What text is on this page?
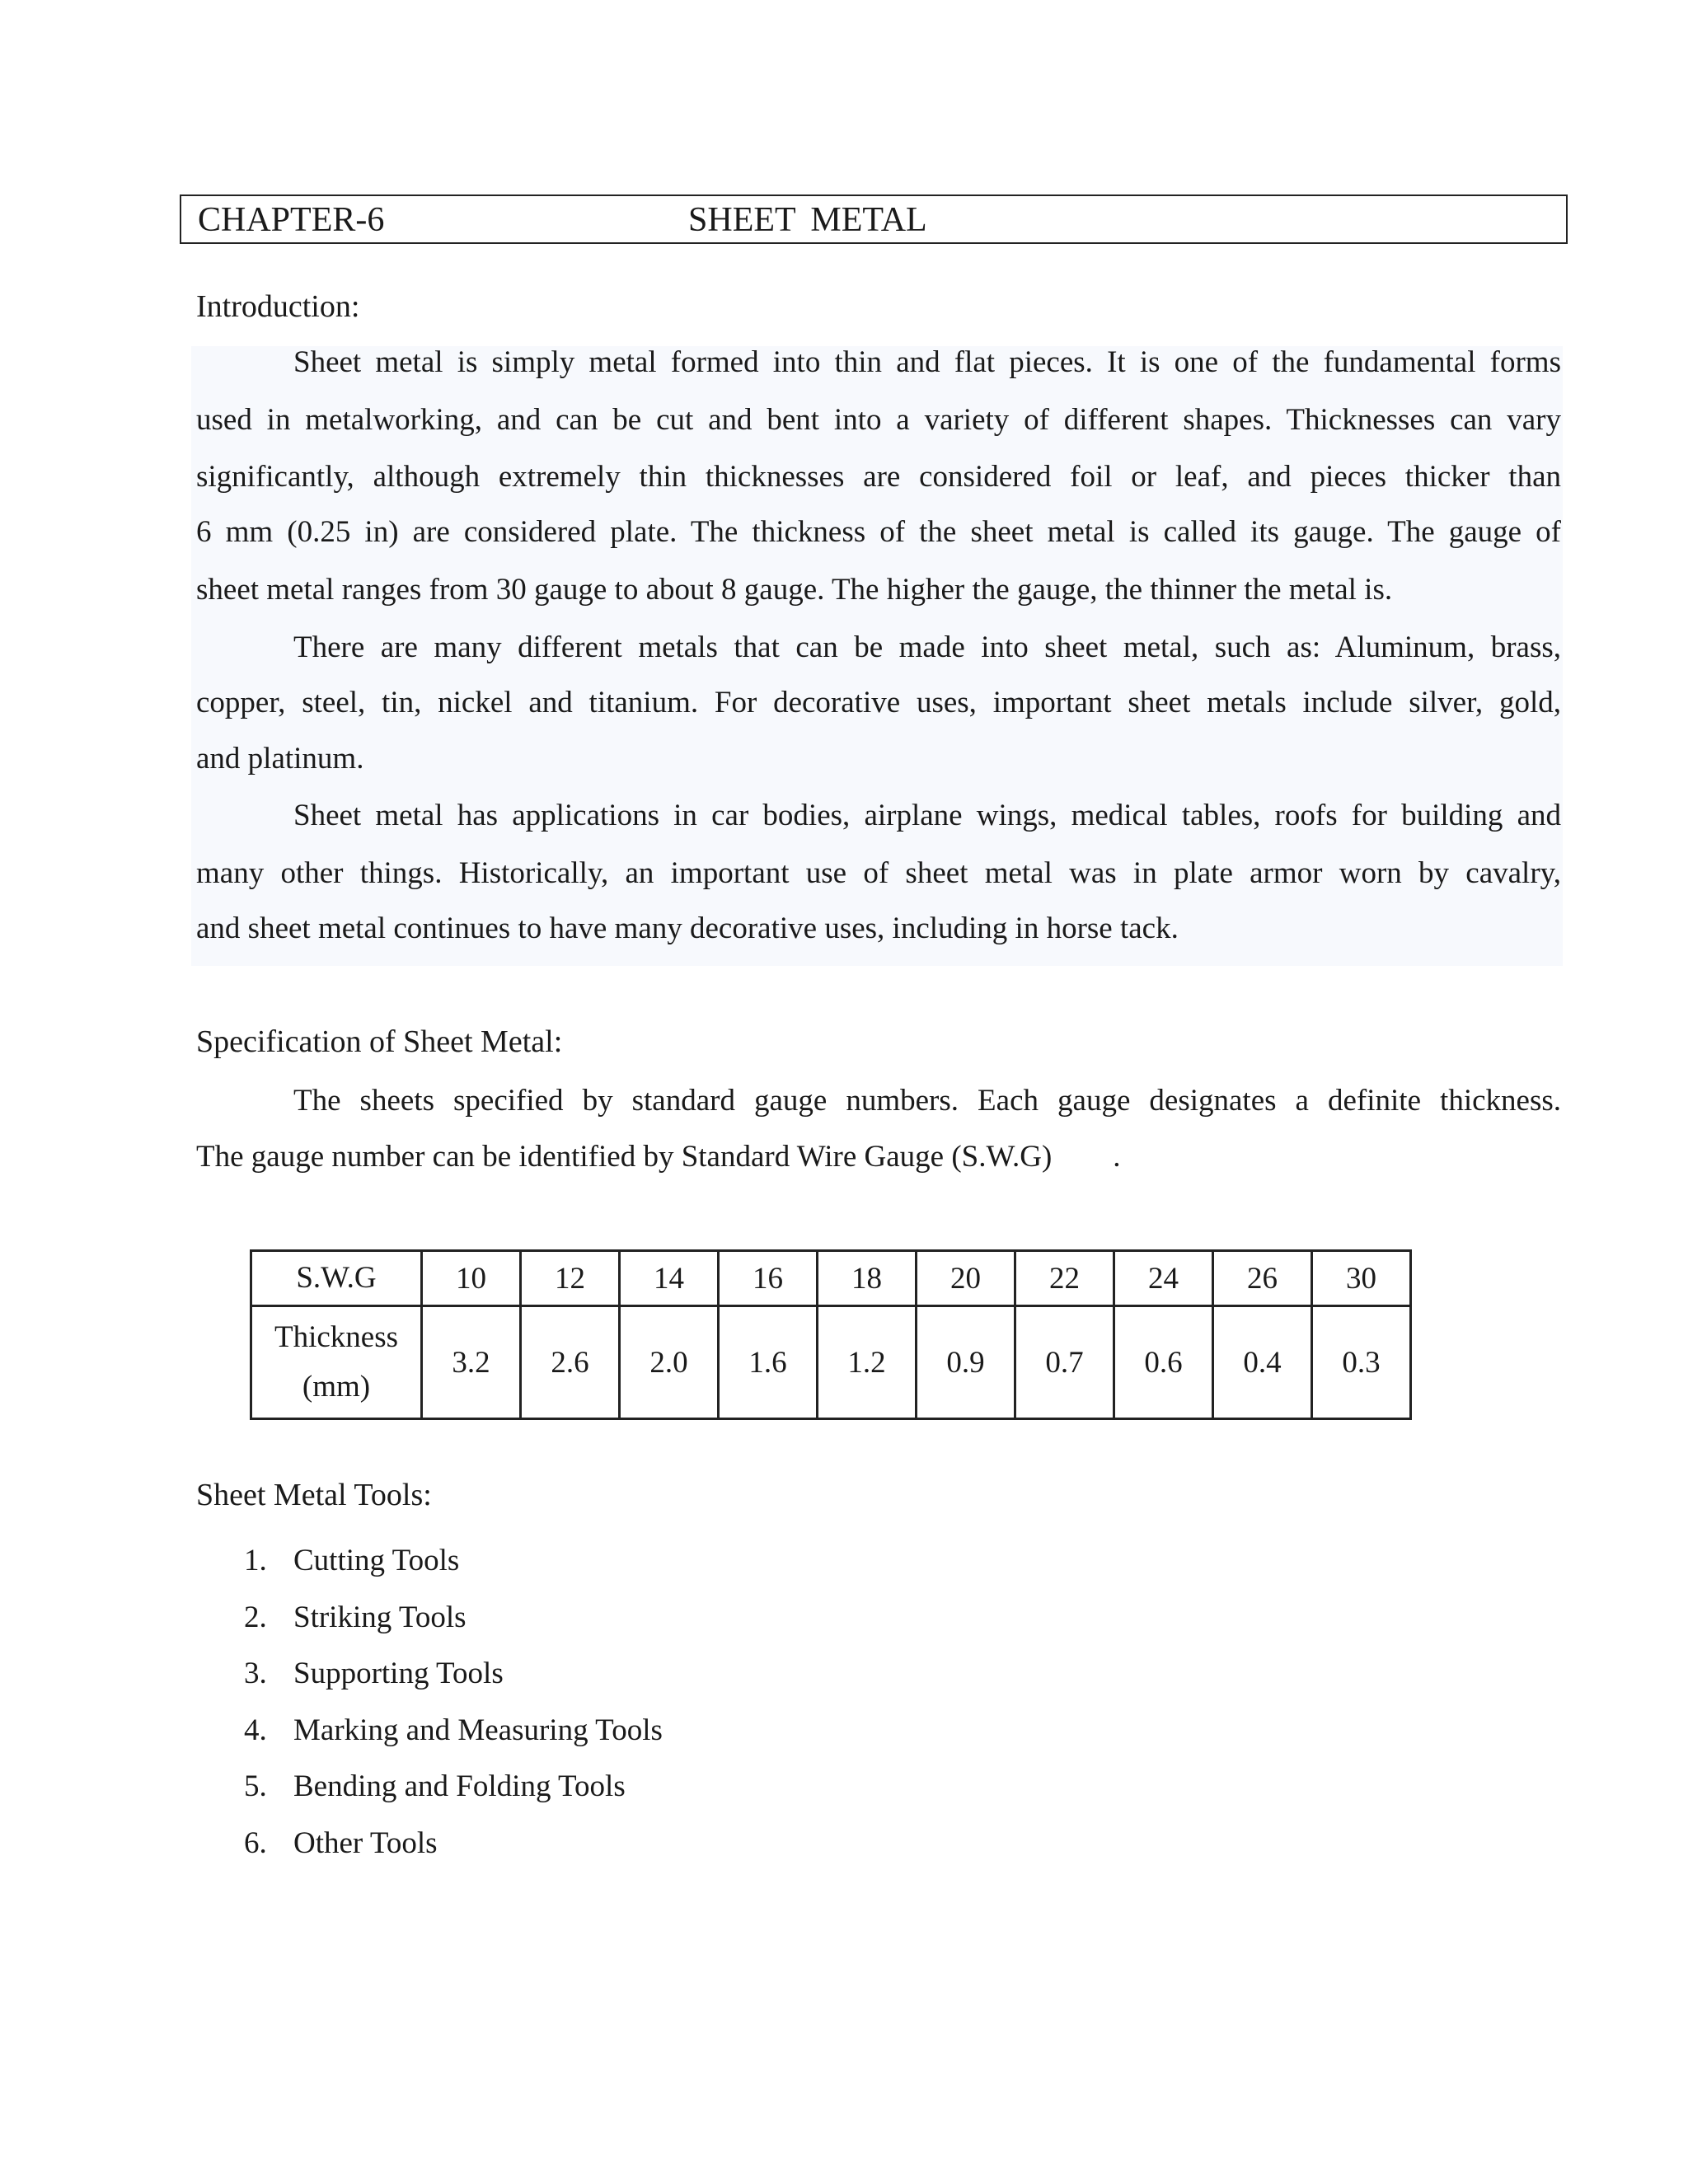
CHAPTER-6	SHEET METAL
Introduction:
Sheet metal is simply metal formed into thin and flat pieces. It is one of the fundamental forms
used in metalworking, and can be cut and bent into a variety of different shapes. Thicknesses can vary
significantly, although extremely thin thicknesses are considered foil or leaf, and pieces thicker than
6 mm (0.25 in) are considered plate. The thickness of the sheet metal is called its gauge. The gauge of
sheet metal ranges from 30 gauge to about 8 gauge. The higher the gauge, the thinner the metal is.
There are many different metals that can be made into sheet metal, such as: Aluminum, brass,
copper, steel, tin, nickel and titanium. For decorative uses, important sheet metals include silver, gold,
and platinum.
Sheet metal has applications in car bodies, airplane wings, medical tables, roofs for building and
many other things. Historically, an important use of sheet metal was in plate armor worn by cavalry,
and sheet metal continues to have many decorative uses, including in horse tack.
Specification of Sheet Metal:
The sheets specified by standard gauge numbers. Each gauge designates a definite thickness.
The gauge number can be identified by Standard Wire Gauge (S.W.G)        .
S.W.G	10	12	14	16	18	20	22	24	26	30

Thickness
(mm)	3.2	2.6	2.0	1.6	1.2	0.9	0.7	0.6	0.4	0.3
Sheet Metal Tools:
1. Cutting Tools
2. Striking Tools
3. Supporting Tools
4. Marking and Measuring Tools
5. Bending and Folding Tools
6. Other Tools
